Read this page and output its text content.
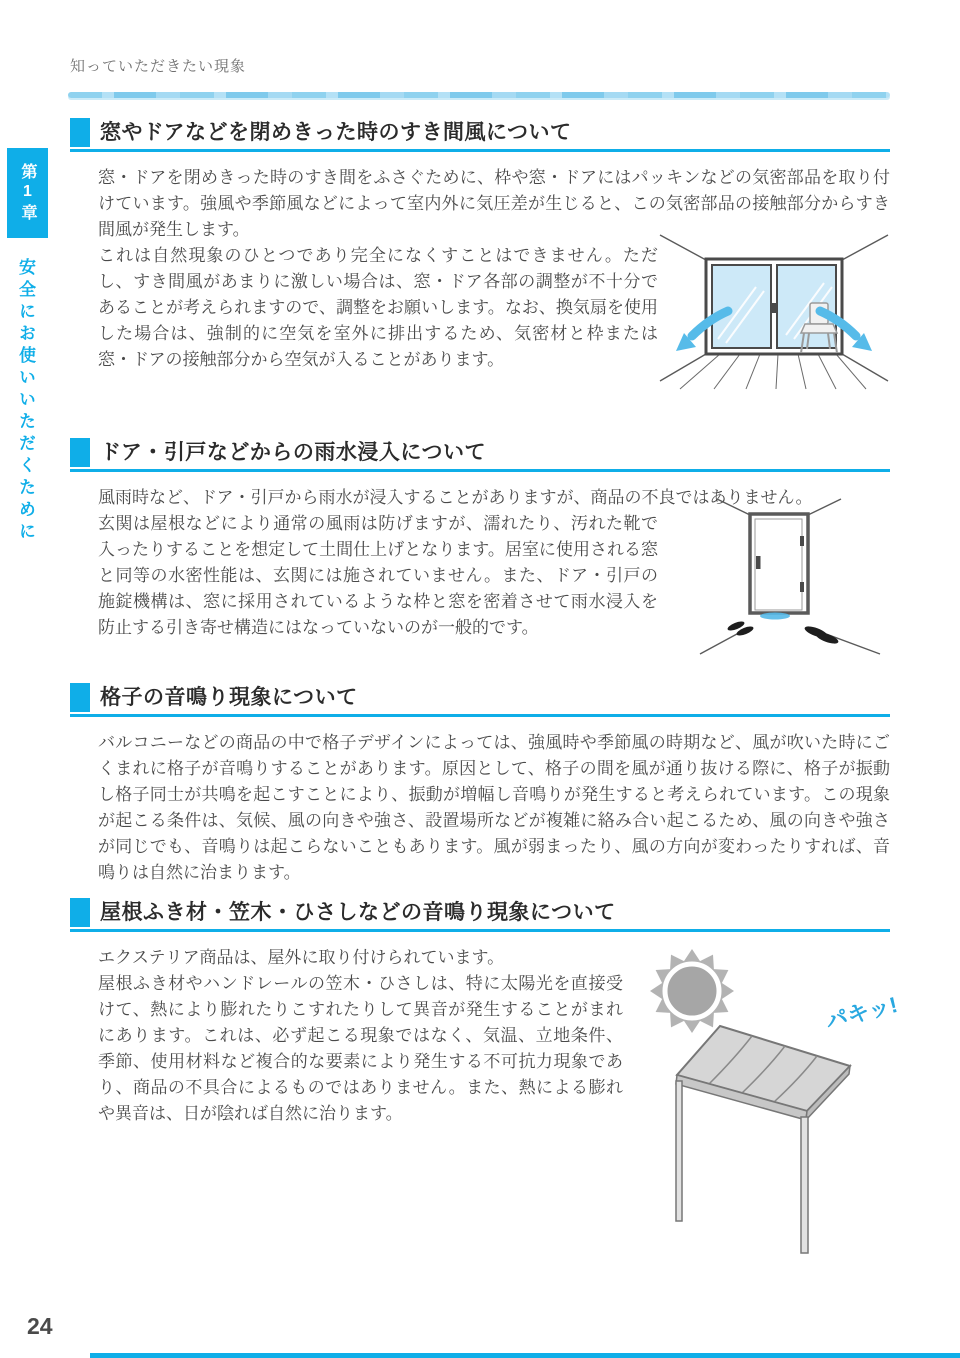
知っていただきたい現象
第1章
安全にお使いいただくために
窓やドアなどを閉めきった時のすき間風について

窓・ドアを閉めきった時のすき間をふさぐために、枠や窓・ドアにはパッキンなどの気密部品を取り付けています。強風や季節風などによって室内外に気圧差が生じると、この気密部品の接触部分からすき間風が発生します。

これは自然現象のひとつであり完全になくすことはできません。ただし、すき間風があまりに激しい場合は、窓・ドア各部の調整が不十分であることが考えられますので、調整をお願いします。なお、換気扇を使用した場合は、強制的に空気を室外に排出するため、気密材と枠または窓・ドアの接触部分から空気が入ることがあります。

ドア・引戸などからの雨水浸入について

風雨時など、ドア・引戸から雨水が浸入することがありますが、商品の不良ではありません。

玄関は屋根などにより通常の風雨は防げますが、濡れたり、汚れた靴で入ったりすることを想定して土間仕上げとなります。居室に使用される窓と同等の水密性能は、玄関には施されていません。また、ドア・引戸の施錠機構は、窓に採用されているような枠と窓を密着させて雨水浸入を防止する引き寄せ構造にはなっていないのが一般的です。

格子の音鳴り現象について

バルコニーなどの商品の中で格子デザインによっては、強風時や季節風の時期など、風が吹いた時にごくまれに格子が音鳴りすることがあります。原因として、格子の間を風が通り抜ける際に、格子が振動し格子同士が共鳴を起こすことにより、振動が増幅し音鳴りが発生すると考えられています。この現象が起こる条件は、気候、風の向きや強さ、設置場所などが複雑に絡み合い起こるため、風の向きや強さが同じでも、音鳴りは起こらないこともあります。風が弱まったり、風の方向が変わったりすれば、音鳴りは自然に治まります。

屋根ふき材・笠木・ひさしなどの音鳴り現象について

エクステリア商品は、屋外に取り付けられています。

屋根ふき材やハンドレールの笠木・ひさしは、特に太陽光を直接受けて、熱により膨れたりこすれたりして異音が発生することがまれにあります。これは、必ず起こる現象ではなく、気温、立地条件、季節、使用材料など複合的な要素により発生する不可抗力現象であり、商品の不具合によるものではありません。また、熱による膨れや異音は、日が陰れば自然に治ります。

パキッ!
24
